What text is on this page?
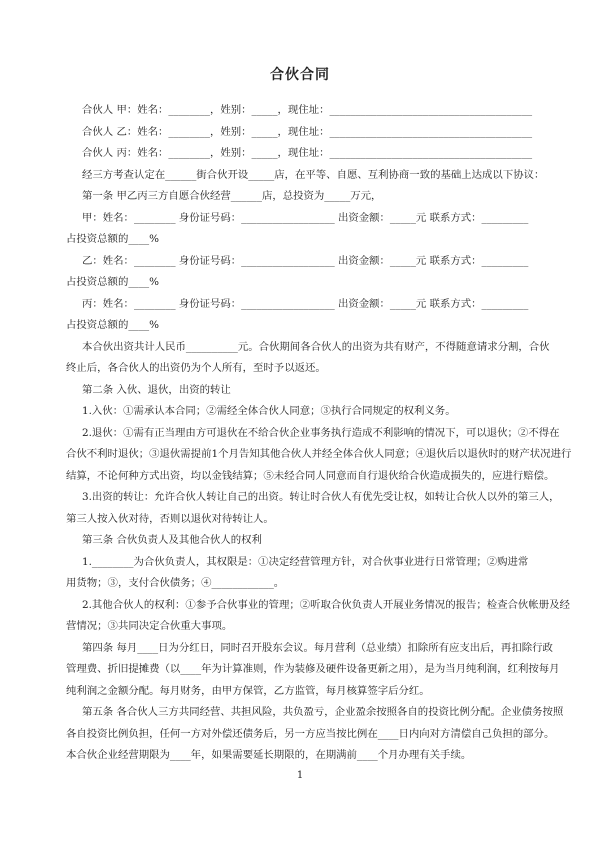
合伙合同
合伙人 甲：姓名：________，姓别：_____，现住址：_______________________________________
合伙人 乙：姓名：________，姓别：_____，现住址：_______________________________________
合伙人 丙：姓名：________，姓别：_____，现住址：_______________________________________
经三方考查认定在______街合伙开设_____店，在平等、自愿、互利协商一致的基础上达成以下协议：
第一条 甲乙丙三方自愿合伙经营______店，总投资为_____万元，
甲：姓名：________ 身份证号码：__________________ 出资金额：_____元 联系方式：_________
占投资总额的____%
乙：姓名：________ 身份证号码：__________________ 出资金额：_____元 联系方式：_________
占投资总额的____%
丙：姓名：________ 身份证号码：__________________ 出资金额：_____元 联系方式：_________
占投资总额的____%
本合伙出资共计人民币__________元。合伙期间各合伙人的出资为共有财产，不得随意请求分割，合伙
终止后，各合伙人的出资仍为个人所有，至时予以返还。
第二条 入伙、退伙，出资的转让
1.入伙：①需承认本合同；②需经全体合伙人同意；③执行合同规定的权利义务。
2.退伙：①需有正当理由方可退伙在不给合伙企业事务执行造成不利影响的情况下，可以退伙；②不得在
合伙不利时退伙；③退伙需提前1个月告知其他合伙人并经全体合伙人同意；④退伙后以退伙时的财产状况进行
结算，不论何种方式出资，均以金钱结算；⑤未经合同人同意而自行退伙给合伙造成损失的，应进行赔偿。
3.出资的转让：允许合伙人转让自己的出资。转让时合伙人有优先受让权，如转让合伙人以外的第三人，
第三人按入伙对待，否则以退伙对待转让人。
第三条 合伙负责人及其他合伙人的权利
1.________为合伙负责人，其权限是：①决定经营管理方针，对合伙事业进行日常管理；②购进常
用货物；③，支付合伙债务；④____________。
2.其他合伙人的权利：①参予合伙事业的管理；②听取合伙负责人开展业务情况的报告；检查合伙帐册及经
营情况；③共同决定合伙重大事项。
第四条 每月____日为分红日，同时召开股东会议。每月营利（总业绩）扣除所有应支出后，再扣除行政
管理费、折旧提摊费（以____年为计算准则，作为装修及硬件设备更新之用），是为当月纯利润，红利按每月
纯利润之金额分配。每月财务，由甲方保管，乙方监管，每月核算签字后分红。
第五条 各合伙人三方共同经营、共担风险，共负盈亏，企业盈余按照各自的投资比例分配。企业债务按照
各自投资比例负担，任何一方对外偿还债务后，另一方应当按比例在____日内向对方清偿自己负担的部分。
本合伙企业经营期限为____年，如果需要延长期限的，在期满前____个月办理有关手续。
1
